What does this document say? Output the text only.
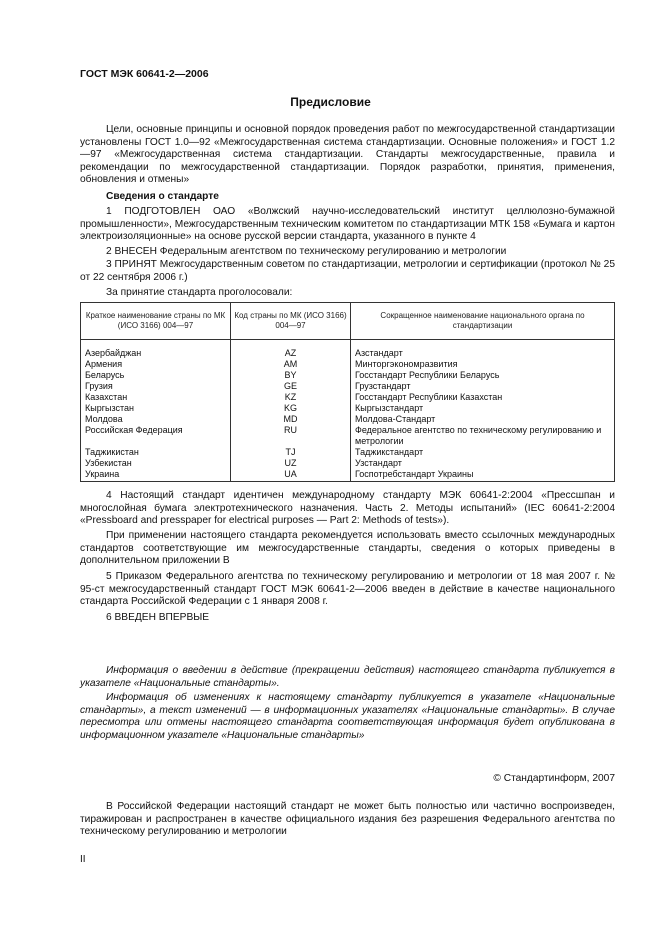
ГОСТ МЭК 60641-2—2006
Предисловие
Цели, основные принципы и основной порядок проведения работ по межгосударственной стандартизации установлены ГОСТ 1.0—92 «Межгосударственная система стандартизации. Основные положения» и ГОСТ 1.2—97 «Межгосударственная система стандартизации. Стандарты межгосударственные, правила и рекомендации по межгосударственной стандартизации. Порядок разработки, принятия, применения, обновления и отмены»
Сведения о стандарте
1 ПОДГОТОВЛЕН ОАО «Волжский научно-исследовательский институт целлюлозно-бумажной промышленности», Межгосударственным техническим комитетом по стандартизации МТК 158 «Бумага и картон электроизоляционные» на основе русской версии стандарта, указанного в пункте 4
2 ВНЕСЕН Федеральным агентством по техническому регулированию и метрологии
3 ПРИНЯТ Межгосударственным советом по стандартизации, метрологии и сертификации (протокол № 25 от 22 сентября 2006 г.)
За принятие стандарта проголосовали:
Краткое наименование страны по МК (ИСО 3166) 004—97	Код страны по МК (ИСО 3166) 004—97	Сокращенное наименование национального органа по стандартизации
Азербайджан	AZ	Азстандарт
Армения	AM	Минторгэкономразвития
Беларусь	BY	Госстандарт Республики Беларусь
Грузия	GE	Грузстандарт
Казахстан	KZ	Госстандарт Республики Казахстан
Кыргызстан	KG	Кыргызстандарт
Молдова	MD	Молдова-Стандарт
Российская Федерация	RU	Федеральное агентство по техническому регулированию и метрологии
Таджикистан	TJ	Таджикстандарт
Узбекистан	UZ	Узстандарт
Украина	UA	Госпотребстандарт Украины
4 Настоящий стандарт идентичен международному стандарту МЭК 60641-2:2004 «Прессшпан и многослойная бумага электротехнического назначения. Часть 2. Методы испытаний» (IEC 60641-2:2004 «Pressboard and presspaper for electrical purposes — Part 2: Methods of tests»).
При применении настоящего стандарта рекомендуется использовать вместо ссылочных международных стандартов соответствующие им межгосударственные стандарты, сведения о которых приведены в дополнительном приложении В
5 Приказом Федерального агентства по техническому регулированию и метрологии от 18 мая 2007 г. № 95-ст межгосударственный стандарт ГОСТ МЭК 60641-2—2006 введен в действие в качестве национального стандарта Российской Федерации с 1 января 2008 г.
6 ВВЕДЕН ВПЕРВЫЕ
Информация о введении в действие (прекращении действия) настоящего стандарта публикуется в указателе «Национальные стандарты».
Информация об изменениях к настоящему стандарту публикуется в указателе «Национальные стандарты», а текст изменений — в информационных указателях «Национальные стандарты». В случае пересмотра или отмены настоящего стандарта соответствующая информация будет опубликована в информационном указателе «Национальные стандарты»
© Стандартинформ, 2007
В Российской Федерации настоящий стандарт не может быть полностью или частично воспроизведен, тиражирован и распространен в качестве официального издания без разрешения Федерального агентства по техническому регулированию и метрологии
II
